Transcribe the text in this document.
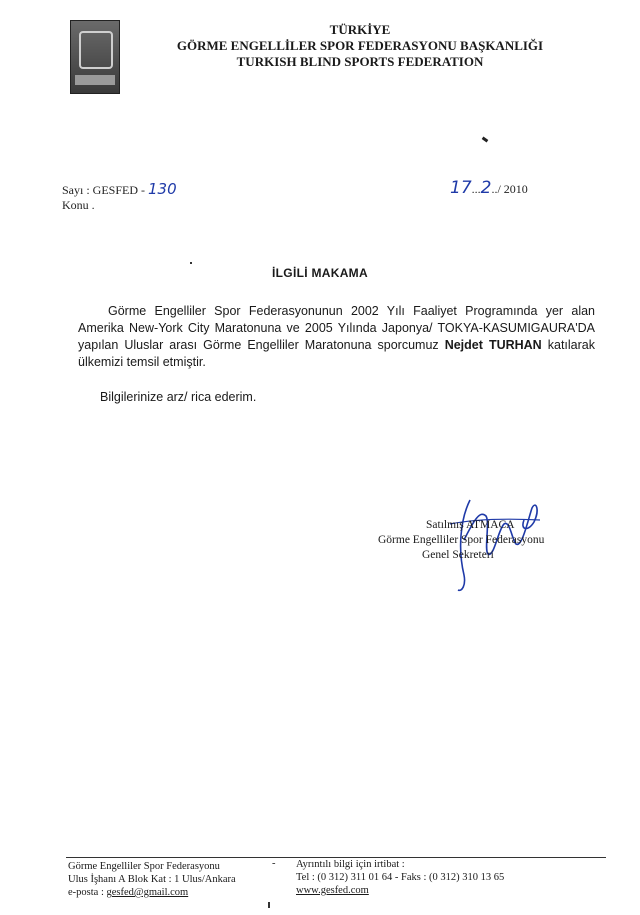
TÜRKİYE
GÖRME ENGELLİLER SPOR FEDERASYONU BAŞKANLIĞI
TURKISH BLIND SPORTS FEDERATION
Sayı : GESFED - 130	17...2../ 2010
Konu .
İLGİLİ MAKAMA

Görme Engelliler Spor Federasyonunun 2002 Yılı Faaliyet Programında yer alan Amerika New-York City Maratonuna ve 2005 Yılında Japonya/ TOKYA-KASUMIGAURA'DA yapılan Uluslar arası Görme Engelliler Maratonuna sporcumuz Nejdet TURHAN katılarak ülkemizi temsil etmiştir.

Bilgilerinize arz/ rica ederim.
Satılmış ATMACA
Görme Engelliler Spor Federasyonu
Genel Sekreteri
Görme Engelliler Spor Federasyonu
Ulus İşhanı A Blok Kat : 1 Ulus/Ankara
e-posta : gesfed@gmail.com
- Ayrıntılı bilgi için irtibat :
Tel : (0 312) 311 01 64 - Faks : (0 312) 310 13 65
www.gesfed.com
